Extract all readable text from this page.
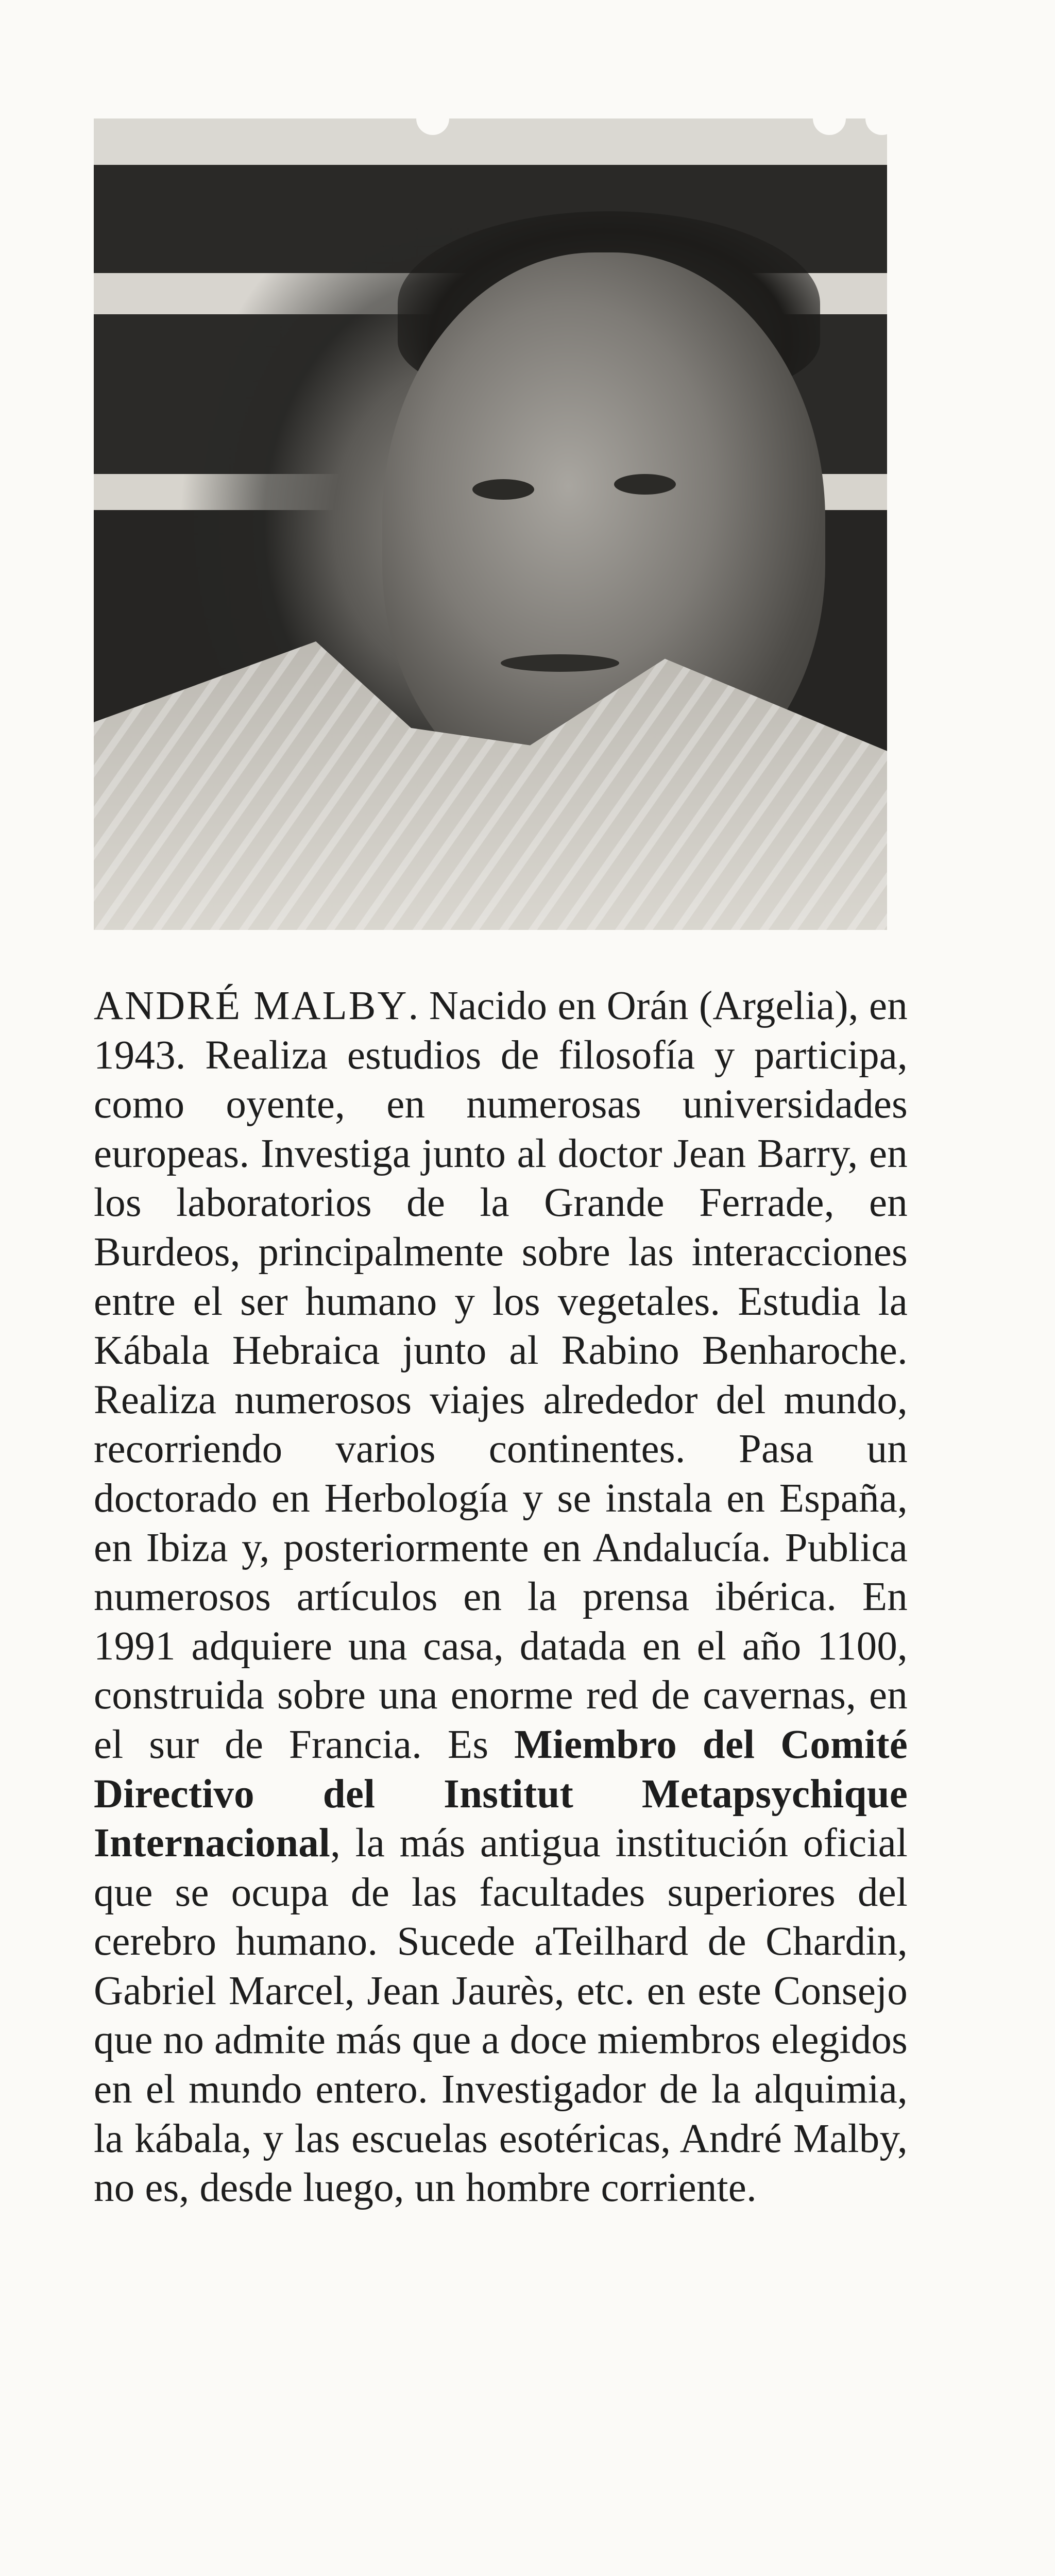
ANDRÉ MALBY. Nacido en Orán (Argelia), en 1943. Realiza estudios de filosofía y participa, como oyente, en numerosas universidades europeas. Investiga junto al doctor Jean Barry, en los laboratorios de la Grande Ferrade, en Burdeos, principalmente sobre las interacciones entre el ser humano y los vegetales. Estudia la Kábala Hebraica junto al Rabino Benharoche. Realiza numerosos viajes alrededor del mundo, recorriendo varios continentes. Pasa un doctorado en Herbología y se instala en España, en Ibiza y, posteriormente en Andalucía. Publica numerosos artículos en la prensa ibérica. En 1991 adquiere una casa, datada en el año 1100, construida sobre una enorme red de cavernas, en el sur de Francia. Es Miembro del Comité Directivo del Institut Metapsychique Internacional, la más antigua institución oficial que se ocupa de las facultades superiores del cerebro humano. Sucede aTeilhard de Chardin, Gabriel Marcel, Jean Jaurès, etc. en este Consejo que no admite más que a doce miembros elegidos en el mundo entero. Investigador de la alquimia, la kábala, y las escuelas esotéricas, André Malby, no es, desde luego, un hombre corriente.
